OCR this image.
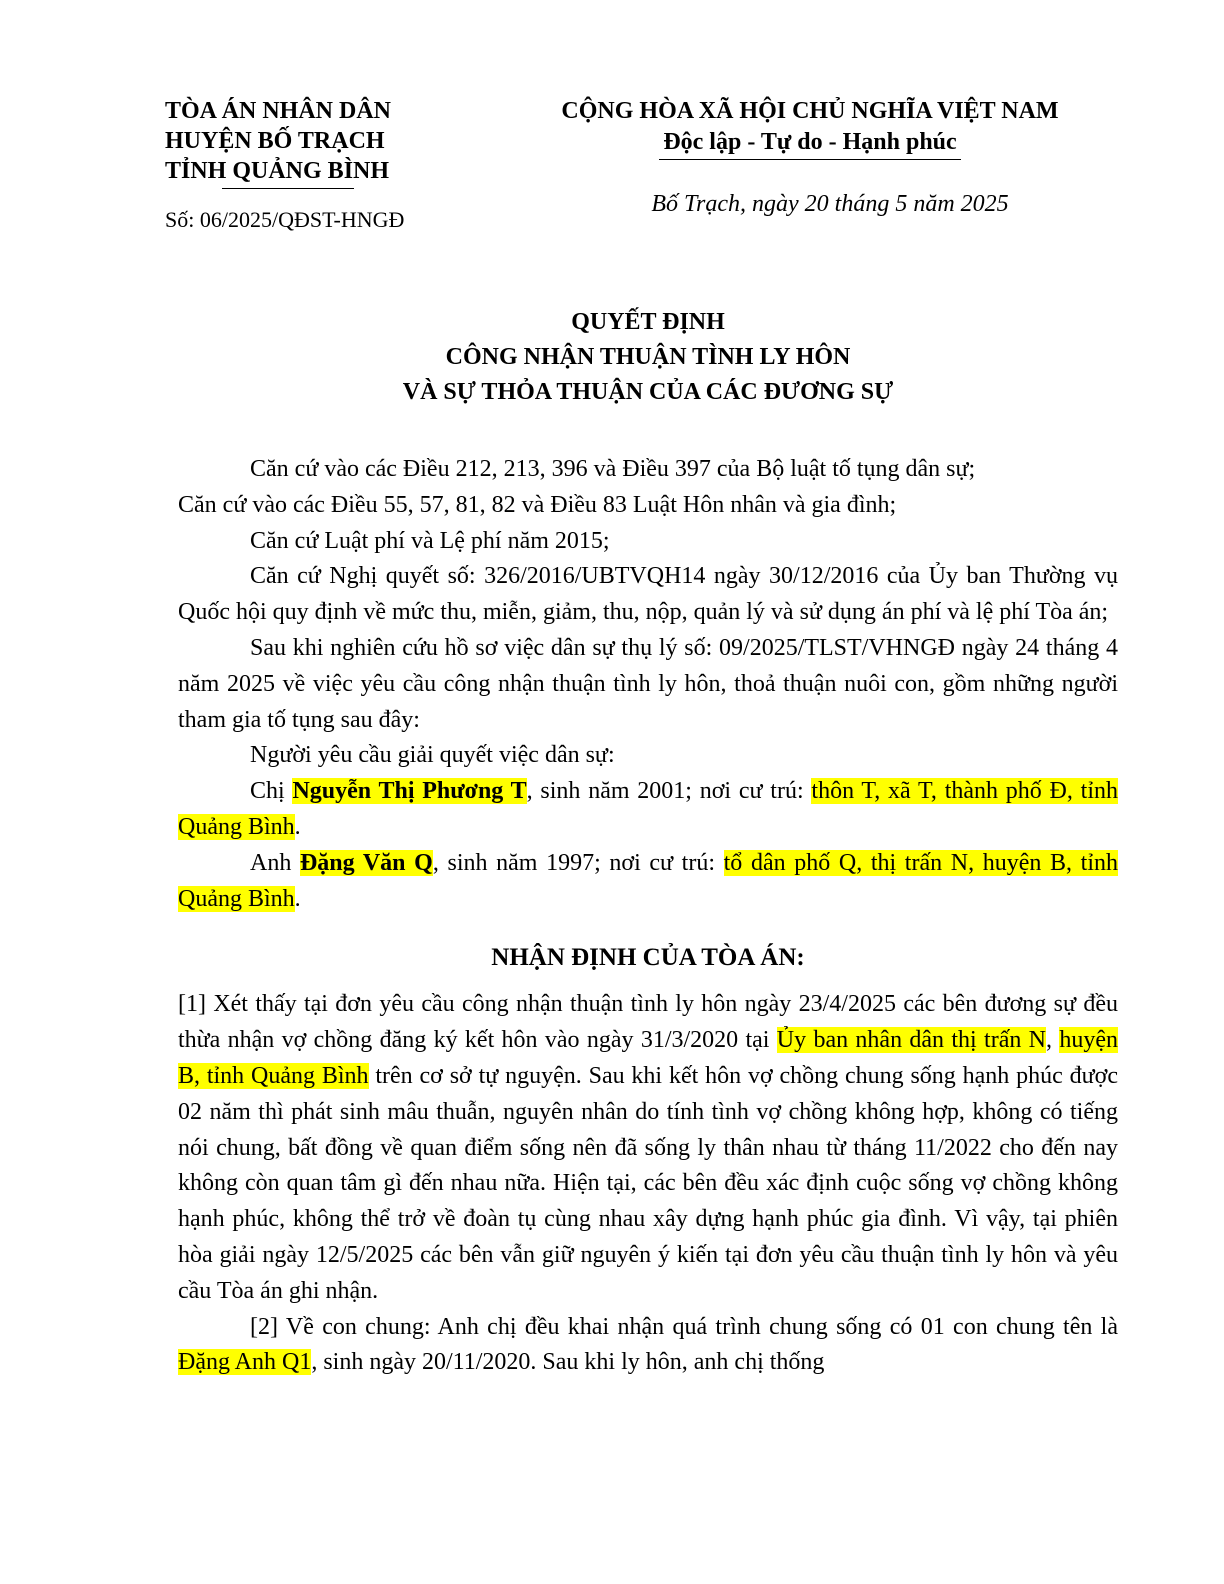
TÒA ÁN NHÂN DÂN
HUYỆN BỐ TRẠCH
TỈNH QUẢNG BÌNH
Số: 06/2025/QĐST-HNGĐ
CỘNG HÒA XÃ HỘI CHỦ NGHĨA VIỆT NAM
Độc lập - Tự do - Hạnh phúc
Bố Trạch, ngày 20 tháng 5 năm 2025
QUYẾT ĐỊNH
CÔNG NHẬN THUẬN TÌNH LY HÔN
VÀ SỰ THỎA THUẬN CỦA CÁC ĐƯƠNG SỰ

Căn cứ vào các Điều 212, 213, 396 và Điều 397 của Bộ luật tố tụng dân sự;

Căn cứ vào các Điều 55, 57, 81, 82 và Điều 83 Luật Hôn nhân và gia đình;

Căn cứ Luật phí và Lệ phí năm 2015;

Căn cứ Nghị quyết số: 326/2016/UBTVQH14 ngày 30/12/2016 của Ủy ban Thường vụ Quốc hội quy định về mức thu, miễn, giảm, thu, nộp, quản lý và sử dụng án phí và lệ phí Tòa án;

Sau khi nghiên cứu hồ sơ việc dân sự thụ lý số: 09/2025/TLST/VHNGĐ ngày 24 tháng 4 năm 2025 về việc yêu cầu công nhận thuận tình ly hôn, thoả thuận nuôi con, gồm những người tham gia tố tụng sau đây:

Người yêu cầu giải quyết việc dân sự:

Chị Nguyễn Thị Phương T, sinh năm 2001; nơi cư trú: thôn T, xã T, thành phố Đ, tỉnh Quảng Bình.

Anh Đặng Văn Q, sinh năm 1997; nơi cư trú: tổ dân phố Q, thị trấn N, huyện B, tỉnh Quảng Bình.

NHẬN ĐỊNH CỦA TÒA ÁN:

[1] Xét thấy tại đơn yêu cầu công nhận thuận tình ly hôn ngày 23/4/2025 các bên đương sự đều thừa nhận vợ chồng đăng ký kết hôn vào ngày 31/3/2020 tại Ủy ban nhân dân thị trấn N, huyện B, tỉnh Quảng Bình trên cơ sở tự nguyện. Sau khi kết hôn vợ chồng chung sống hạnh phúc được 02 năm thì phát sinh mâu thuẫn, nguyên nhân do tính tình vợ chồng không hợp, không có tiếng nói chung, bất đồng về quan điểm sống nên đã sống ly thân nhau từ tháng 11/2022 cho đến nay không còn quan tâm gì đến nhau nữa. Hiện tại, các bên đều xác định cuộc sống vợ chồng không hạnh phúc, không thể trở về đoàn tụ cùng nhau xây dựng hạnh phúc gia đình. Vì vậy, tại phiên hòa giải ngày 12/5/2025 các bên vẫn giữ nguyên ý kiến tại đơn yêu cầu thuận tình ly hôn và yêu cầu Tòa án ghi nhận.

[2] Về con chung: Anh chị đều khai nhận quá trình chung sống có 01 con chung tên là Đặng Anh Q1, sinh ngày 20/11/2020. Sau khi ly hôn, anh chị thống
